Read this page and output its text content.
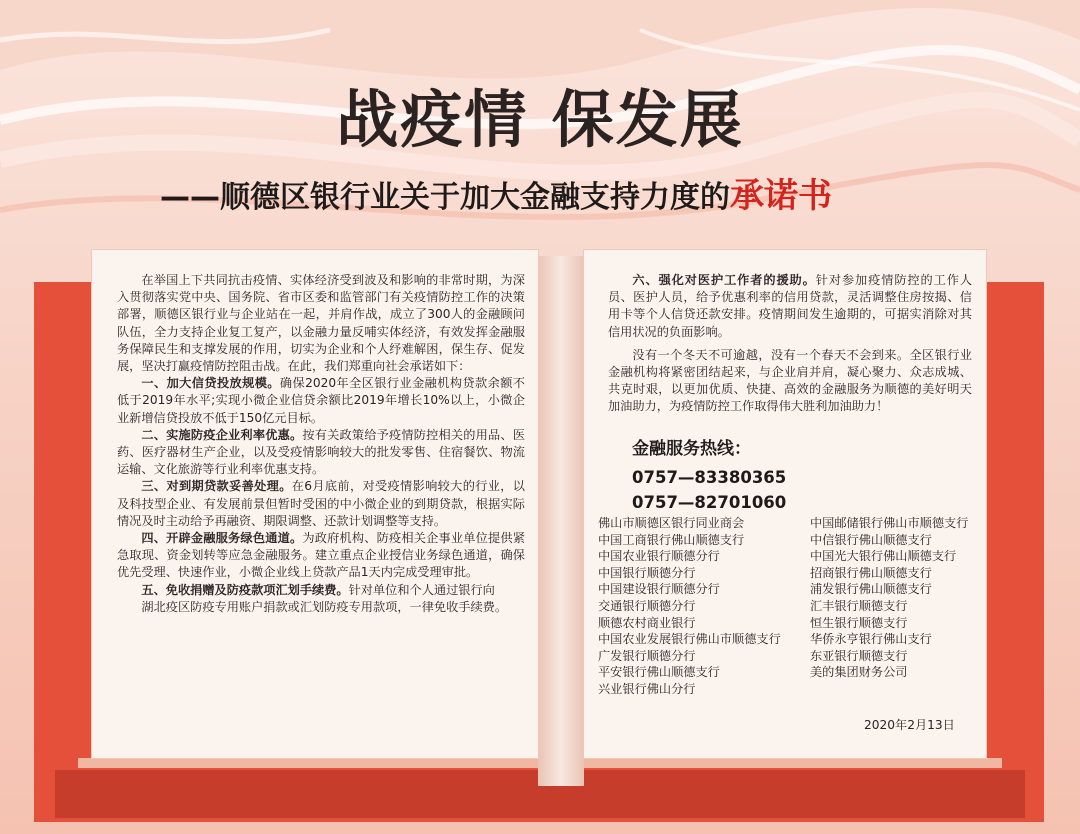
战疫情 保发展
——顺德区银行业关于加大金融支持力度的承诺书

在举国上下共同抗击疫情、实体经济受到波及和影响的非常时期，为深入贯彻落实党中央、国务院、省市区委和监管部门有关疫情防控工作的决策部署，顺德区银行业与企业站在一起，并肩作战，成立了300人的金融顾问队伍，全力支持企业复工复产，以金融力量反哺实体经济，有效发挥金融服务保障民生和支撑发展的作用，切实为企业和个人纾难解困，保生存、促发展，坚决打赢疫情防控阻击战。在此，我们郑重向社会承诺如下：

一、加大信贷投放规模。确保2020年全区银行业金融机构贷款余额不低于2019年水平;实现小微企业信贷余额比2019年增长10%以上，小微企业新增信贷投放不低于150亿元目标。

二、实施防疫企业利率优惠。按有关政策给予疫情防控相关的用品、医药、医疗器材生产企业，以及受疫情影响较大的批发零售、住宿餐饮、物流运输、文化旅游等行业利率优惠支持。

三、对到期贷款妥善处理。在6月底前，对受疫情影响较大的行业，以及科技型企业、有发展前景但暂时受困的中小微企业的到期贷款，根据实际情况及时主动给予再融资、期限调整、还款计划调整等支持。

四、开辟金融服务绿色通道。为政府机构、防疫相关企事业单位提供紧急取现、资金划转等应急金融服务。建立重点企业授信业务绿色通道，确保优先受理、快速作业，小微企业线上贷款产品1天内完成受理审批。

五、免收捐赠及防疫款项汇划手续费。针对单位和个人通过银行向

湖北疫区防疫专用账户捐款或汇划防疫专用款项，一律免收手续费。

六、强化对医护工作者的援助。针对参加疫情防控的工作人员、医护人员，给予优惠利率的信用贷款，灵活调整住房按揭、信用卡等个人信贷还款安排。疫情期间发生逾期的，可据实消除对其信用状况的负面影响。

没有一个冬天不可逾越，没有一个春天不会到来。全区银行业金融机构将紧密团结起来，与企业肩并肩，凝心聚力、众志成城、共克时艰，以更加优质、快捷、高效的金融服务为顺德的美好明天加油助力，为疫情防控工作取得伟大胜利加油助力！

金融服务热线：
0757—83380365
0757—82701060
佛山市顺德区银行同业商会
中国工商银行佛山顺德支行
中国农业银行顺德分行
中国银行顺德分行
中国建设银行顺德分行
交通银行顺德分行
顺德农村商业银行
中国农业发展银行佛山市顺德支行
广发银行顺德分行
平安银行佛山顺德支行
兴业银行佛山分行
中国邮储银行佛山市顺德支行
中信银行佛山顺德支行
中国光大银行佛山顺德支行
招商银行佛山顺德支行
浦发银行佛山顺德支行
汇丰银行顺德支行
恒生银行顺德支行
华侨永亨银行佛山支行
东亚银行顺德支行
美的集团财务公司
2020年2月13日
